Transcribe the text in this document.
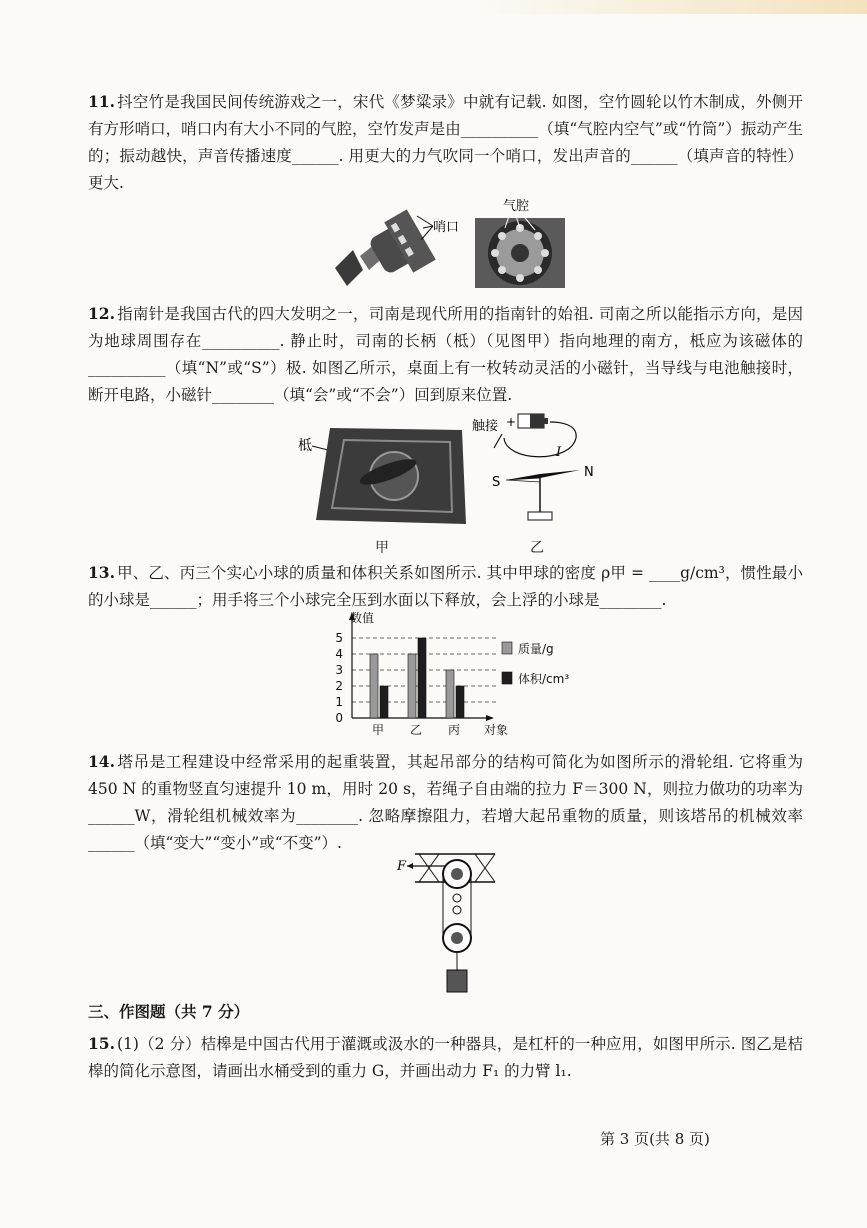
11. 抖空竹是我国民间传统游戏之一，宋代《梦粱录》中就有记载. 如图，空竹圆轮以竹木制成，外侧开有方形哨口，哨口内有大小不同的气腔，空竹发声是由__________（填“气腔内空气”或“竹筒”）振动产生的；振动越快，声音传播速度______. 用更大的力气吹同一个哨口，发出声音的______（填声音的特性）更大.
哨口
气腔
12. 指南针是我国古代的四大发明之一，司南是现代所用的指南针的始祖. 司南之所以能指示方向，是因为地球周围存在__________. 静止时，司南的长柄（柢）（见图甲）指向地理的南方，柢应为该磁体的__________（填“N”或“S”）极. 如图乙所示，桌面上有一枚转动灵活的小磁针，当导线与电池触接时，断开电路，小磁针________（填“会”或“不会”）回到原来位置.
柢
甲
触接 +
I
S
N
乙
13. 甲、乙、丙三个实心小球的质量和体积关系如图所示. 其中甲球的密度 ρ甲 = ____g/cm³，惯性最小的小球是______；用手将三个小球完全压到水面以下释放，会上浮的小球是________.
0
1
2
3
4
5
数值
对象
甲 乙 丙
质量/g
体积/cm³
14. 塔吊是工程建设中经常采用的起重装置，其起吊部分的结构可简化为如图所示的滑轮组. 它将重为 450 N 的重物竖直匀速提升 10 m，用时 20 s，若绳子自由端的拉力 F＝300 N，则拉力做功的功率为______W，滑轮组机械效率为________. 忽略摩擦阻力，若增大起吊重物的质量，则该塔吊的机械效率______（填“变大”“变小”或“不变”）.
F
三、作图题（共 7 分）
15. (1)（2 分）桔槔是中国古代用于灌溉或汲水的一种器具，是杠杆的一种应用，如图甲所示. 图乙是桔槔的简化示意图，请画出水桶受到的重力 G，并画出动力 F₁ 的力臂 l₁.
第 3 页(共 8 页)
